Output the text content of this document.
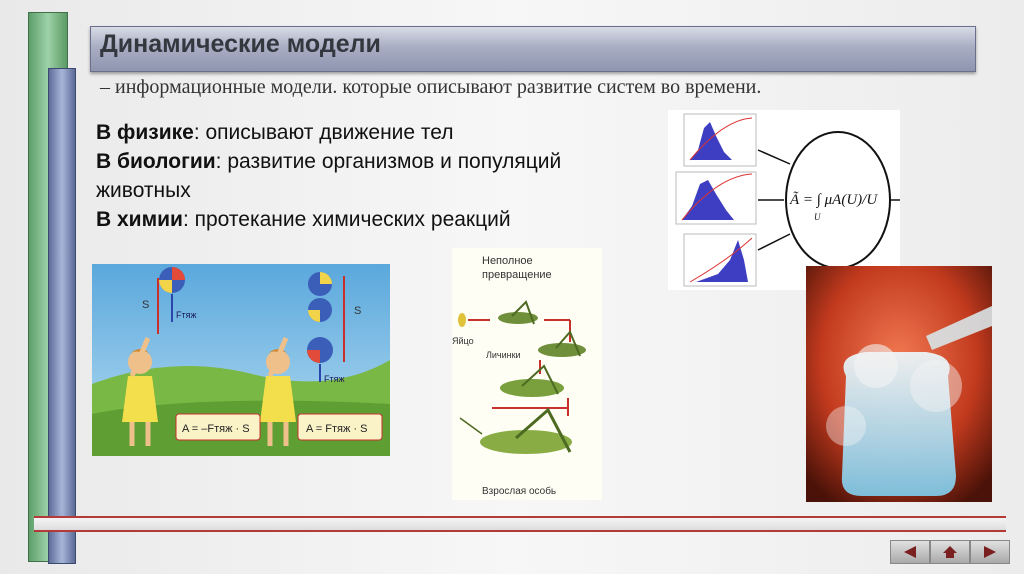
Динамические модели
– информационные модели. которые описывают развитие систем во времени.
В физике: описывают движение тел
В биологии: развитие организмов и популяций
животных
В химии: протекание химических реакций
Ã = ∫ μA(U)/U
U
Fтяж
S
Fтяж
S
A = –Fтяж · S	A = Fтяж · S
Неполное
превращение
Яйцо
Личинки
Взрослая особь
